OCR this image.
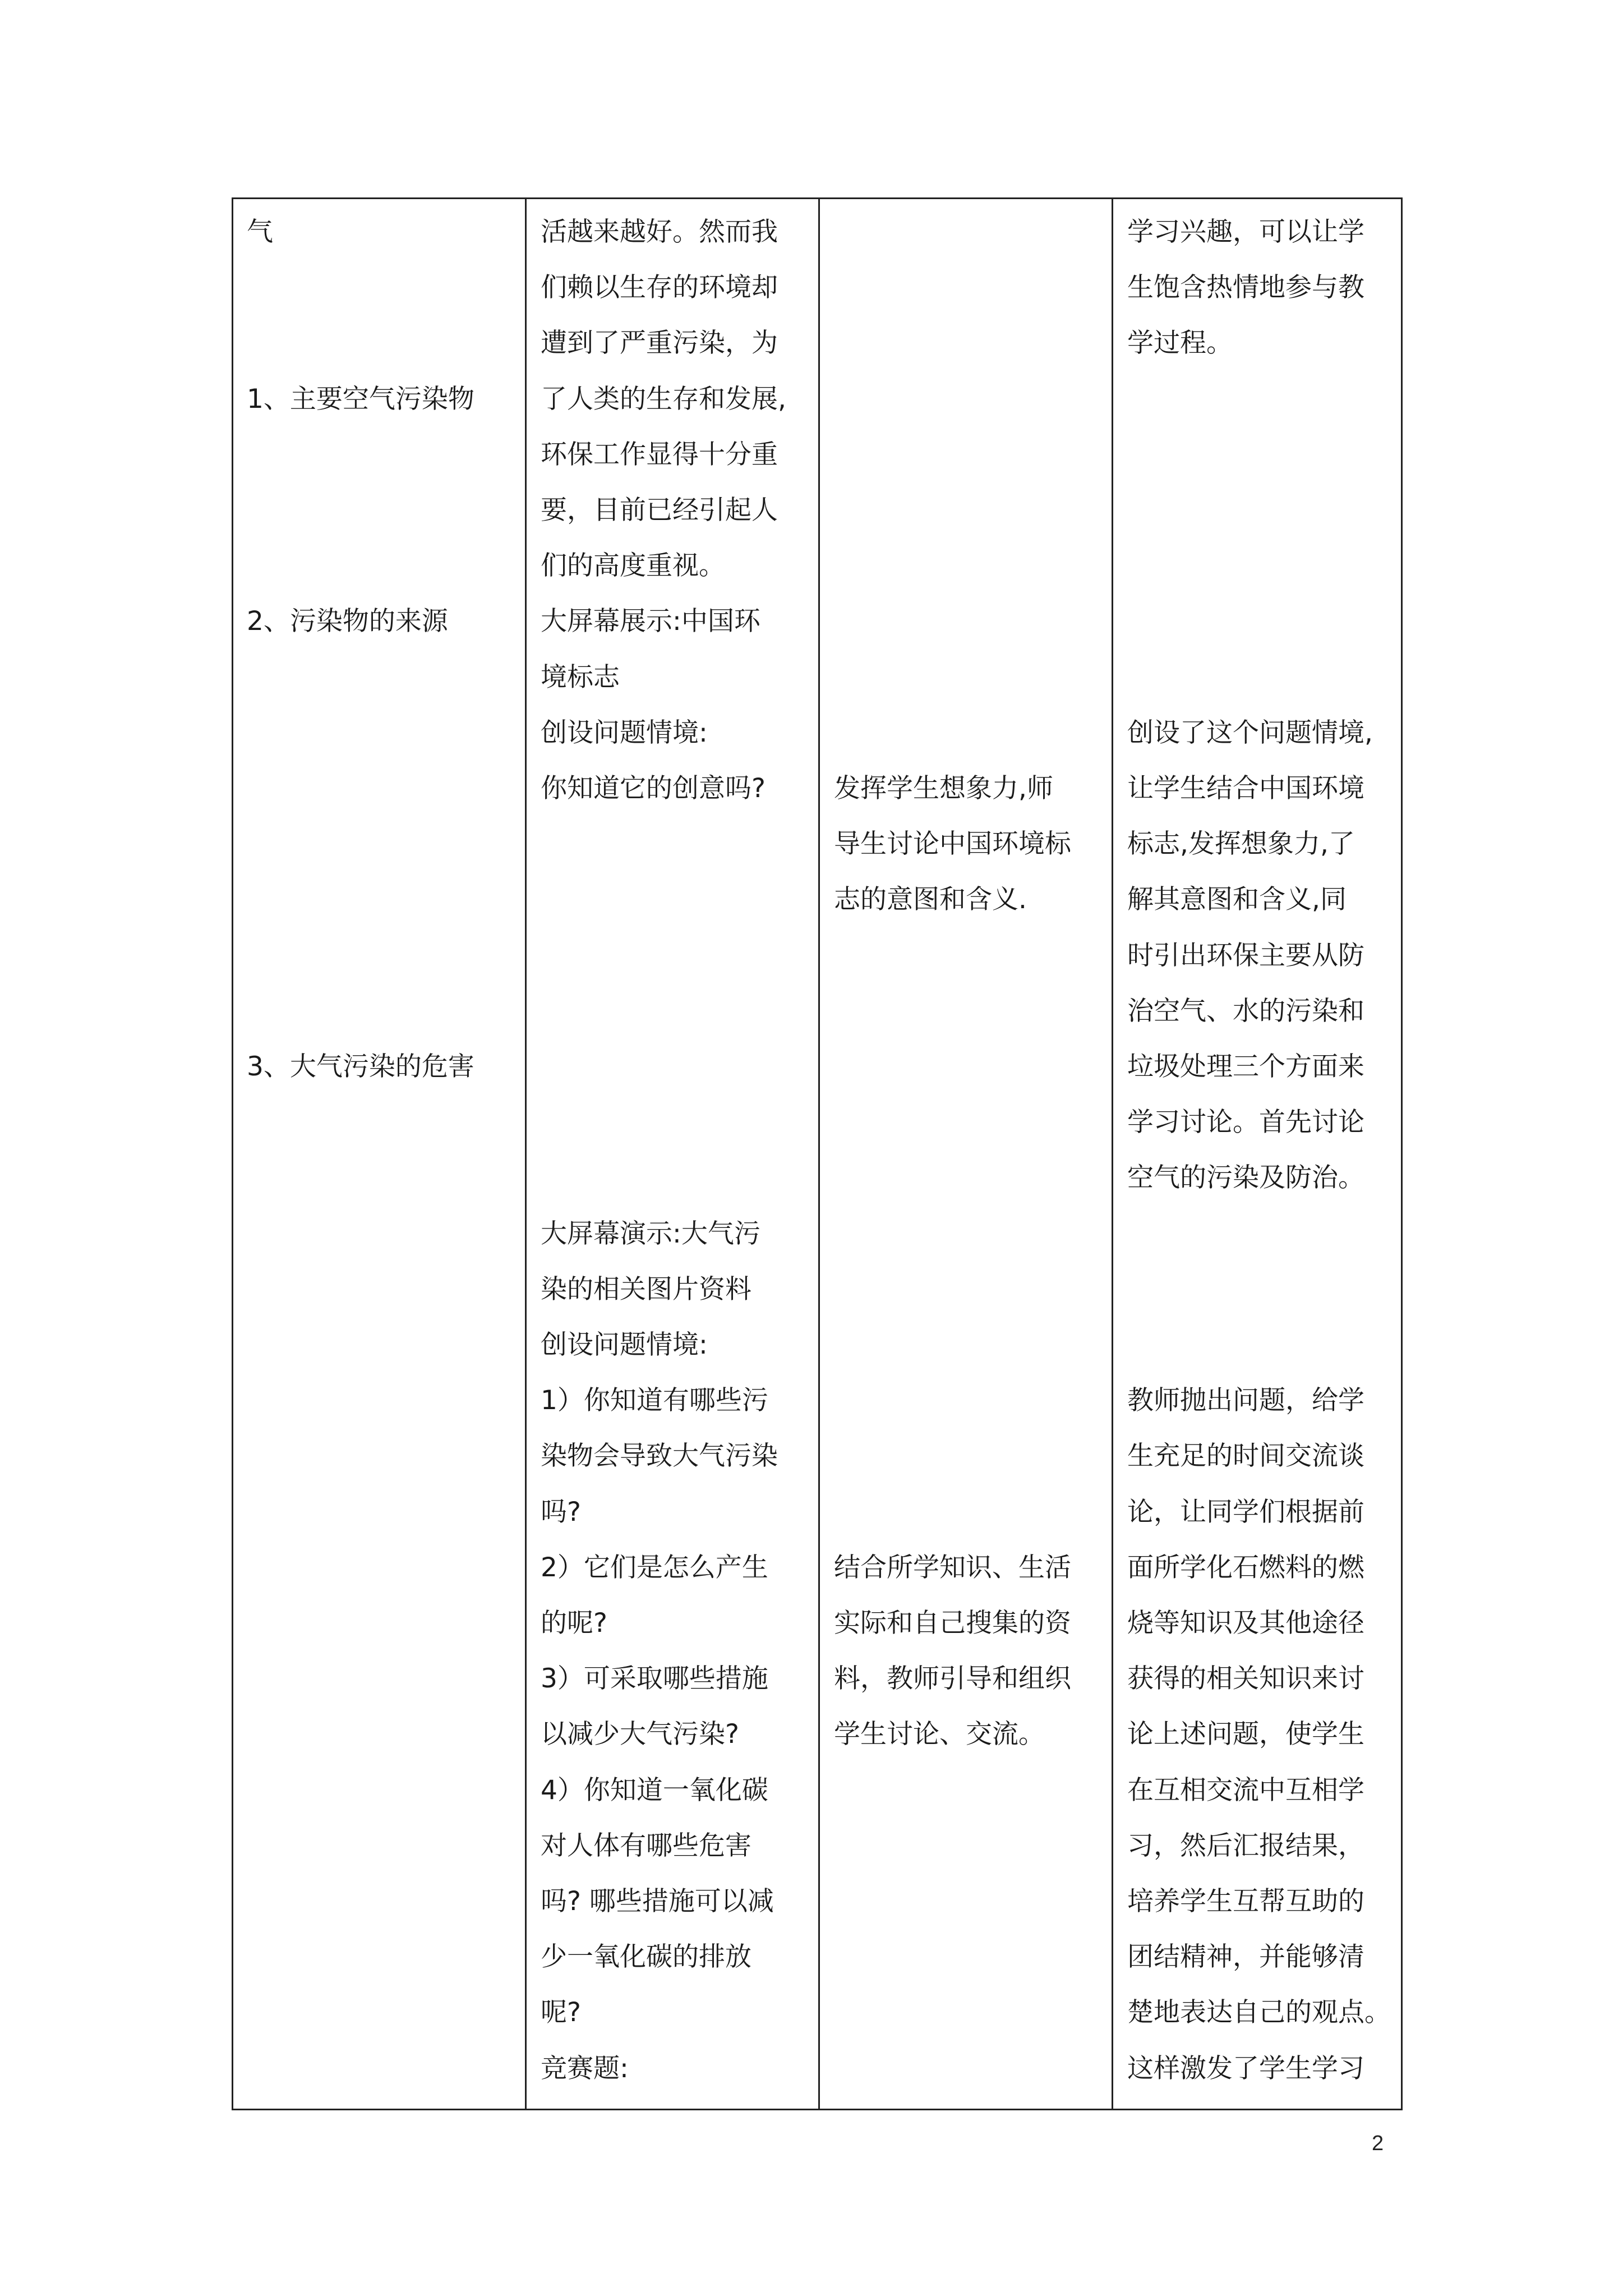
气
1、主要空气污染物
2、污染物的来源
3、大气污染的危害
活越来越好。然而我
们赖以生存的环境却
遭到了严重污染，为
了人类的生存和发展,
环保工作显得十分重
要，目前已经引起人
们的高度重视。
大屏幕展示:中国环
境标志
创设问题情境:
你知道它的创意吗?
大屏幕演示:大气污
染的相关图片资料
创设问题情境:
1）你知道有哪些污
染物会导致大气污染
吗?
2）它们是怎么产生
的呢?
3）可采取哪些措施
以减少大气污染?
4）你知道一氧化碳
对人体有哪些危害
吗? 哪些措施可以减
少一氧化碳的排放
呢?
竞赛题:
发挥学生想象力,师
导生讨论中国环境标
志的意图和含义.
结合所学知识、生活
实际和自己搜集的资
料，教师引导和组织
学生讨论、交流。
学习兴趣，可以让学
生饱含热情地参与教
学过程。
创设了这个问题情境,
让学生结合中国环境
标志,发挥想象力,了
解其意图和含义,同
时引出环保主要从防
治空气、水的污染和
垃圾处理三个方面来
学习讨论。首先讨论
空气的污染及防治。
教师抛出问题，给学
生充足的时间交流谈
论，让同学们根据前
面所学化石燃料的燃
烧等知识及其他途径
获得的相关知识来讨
论上述问题，使学生
在互相交流中互相学
习，然后汇报结果，
培养学生互帮互助的
团结精神，并能够清
楚地表达自己的观点。
这样激发了学生学习
2
